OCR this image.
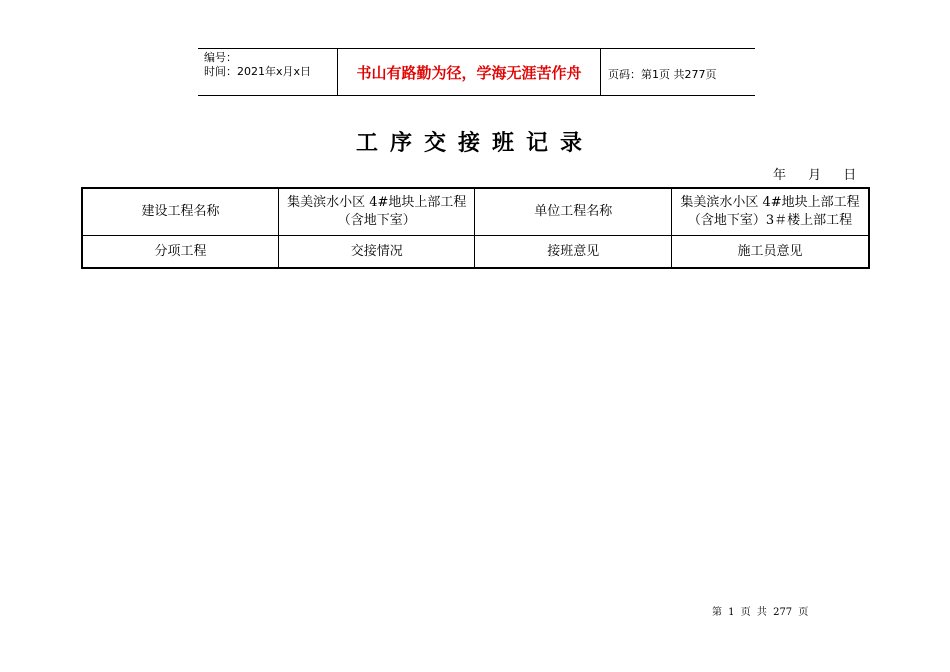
编号：
时间：2021年x月x日	书山有路勤为径，学海无涯苦作舟	页码：第1页 共277页
工序交接班记录
年 月 日
建设工程名称	集美滨水小区 4#地块上部工程（含地下室）	单位工程名称	集美滨水小区 4#地块上部工程（含地下室）3＃楼上部工程
分项工程	交接情况	接班意见	施工员意见
第 1 页 共 277 页
